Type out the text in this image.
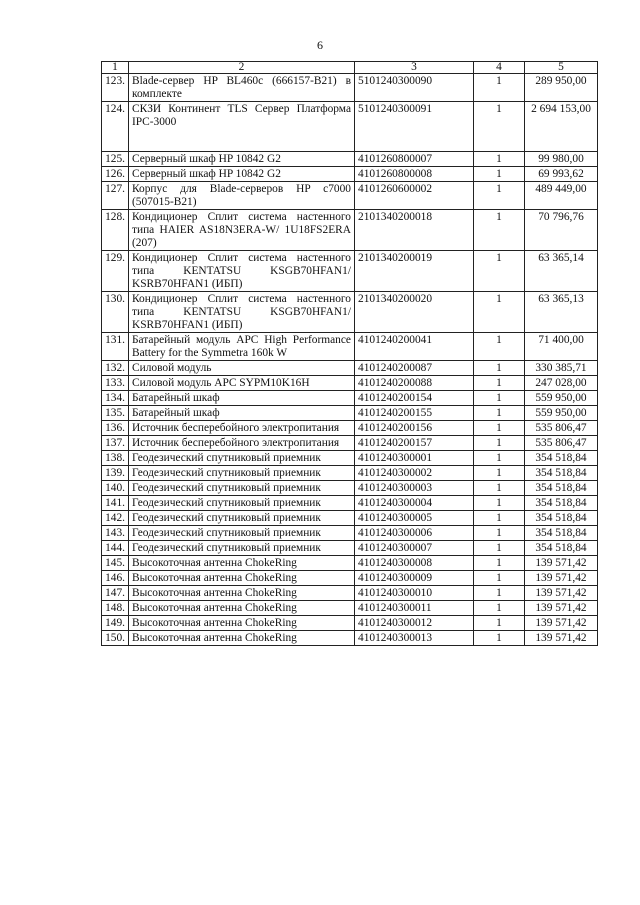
6
1	2	3	4	5
123.	Blade-сервер HP BL460c (666157-B21) в комплекте	5101240300090	1	289 950,00
124.	СКЗИ Континент TLS Сервер Платформа IPC-3000	5101240300091	1	2 694 153,00
125.	Серверный шкаф HP 10842 G2	4101260800007	1	99 980,00
126.	Серверный шкаф HP 10842 G2	4101260800008	1	69 993,62
127.	Корпус для Blade-серверов HP c7000 (507015-B21)	4101260600002	1	489 449,00
128.	Кондиционер Сплит система настенного типа HAIER AS18N3ERA-W/ 1U18FS2ERA (207)	2101340200018	1	70 796,76
129.	Кондиционер Сплит система настенного типа KENTATSU KSGB70HFAN1/ KSRB70HFAN1 (ИБП)	2101340200019	1	63 365,14
130.	Кондиционер Сплит система настенного типа KENTATSU KSGB70HFAN1/ KSRB70HFAN1 (ИБП)	2101340200020	1	63 365,13
131.	Батарейный модуль APC High Performance Battery for the Symmetra 160k W	4101240200041	1	71 400,00
132.	Силовой модуль	4101240200087	1	330 385,71
133.	Силовой модуль APC SYPM10K16H	4101240200088	1	247 028,00
134.	Батарейный шкаф	4101240200154	1	559 950,00
135.	Батарейный шкаф	4101240200155	1	559 950,00
136.	Источник бесперебойного электропитания	4101240200156	1	535 806,47
137.	Источник бесперебойного электропитания	4101240200157	1	535 806,47
138.	Геодезический спутниковый приемник	4101240300001	1	354 518,84
139.	Геодезический спутниковый приемник	4101240300002	1	354 518,84
140.	Геодезический спутниковый приемник	4101240300003	1	354 518,84
141.	Геодезический спутниковый приемник	4101240300004	1	354 518,84
142.	Геодезический спутниковый приемник	4101240300005	1	354 518,84
143.	Геодезический спутниковый приемник	4101240300006	1	354 518,84
144.	Геодезический спутниковый приемник	4101240300007	1	354 518,84
145.	Высокоточная антенна ChokeRing	4101240300008	1	139 571,42
146.	Высокоточная антенна ChokeRing	4101240300009	1	139 571,42
147.	Высокоточная антенна ChokeRing	4101240300010	1	139 571,42
148.	Высокоточная антенна ChokeRing	4101240300011	1	139 571,42
149.	Высокоточная антенна ChokeRing	4101240300012	1	139 571,42
150.	Высокоточная антенна ChokeRing	4101240300013	1	139 571,42
